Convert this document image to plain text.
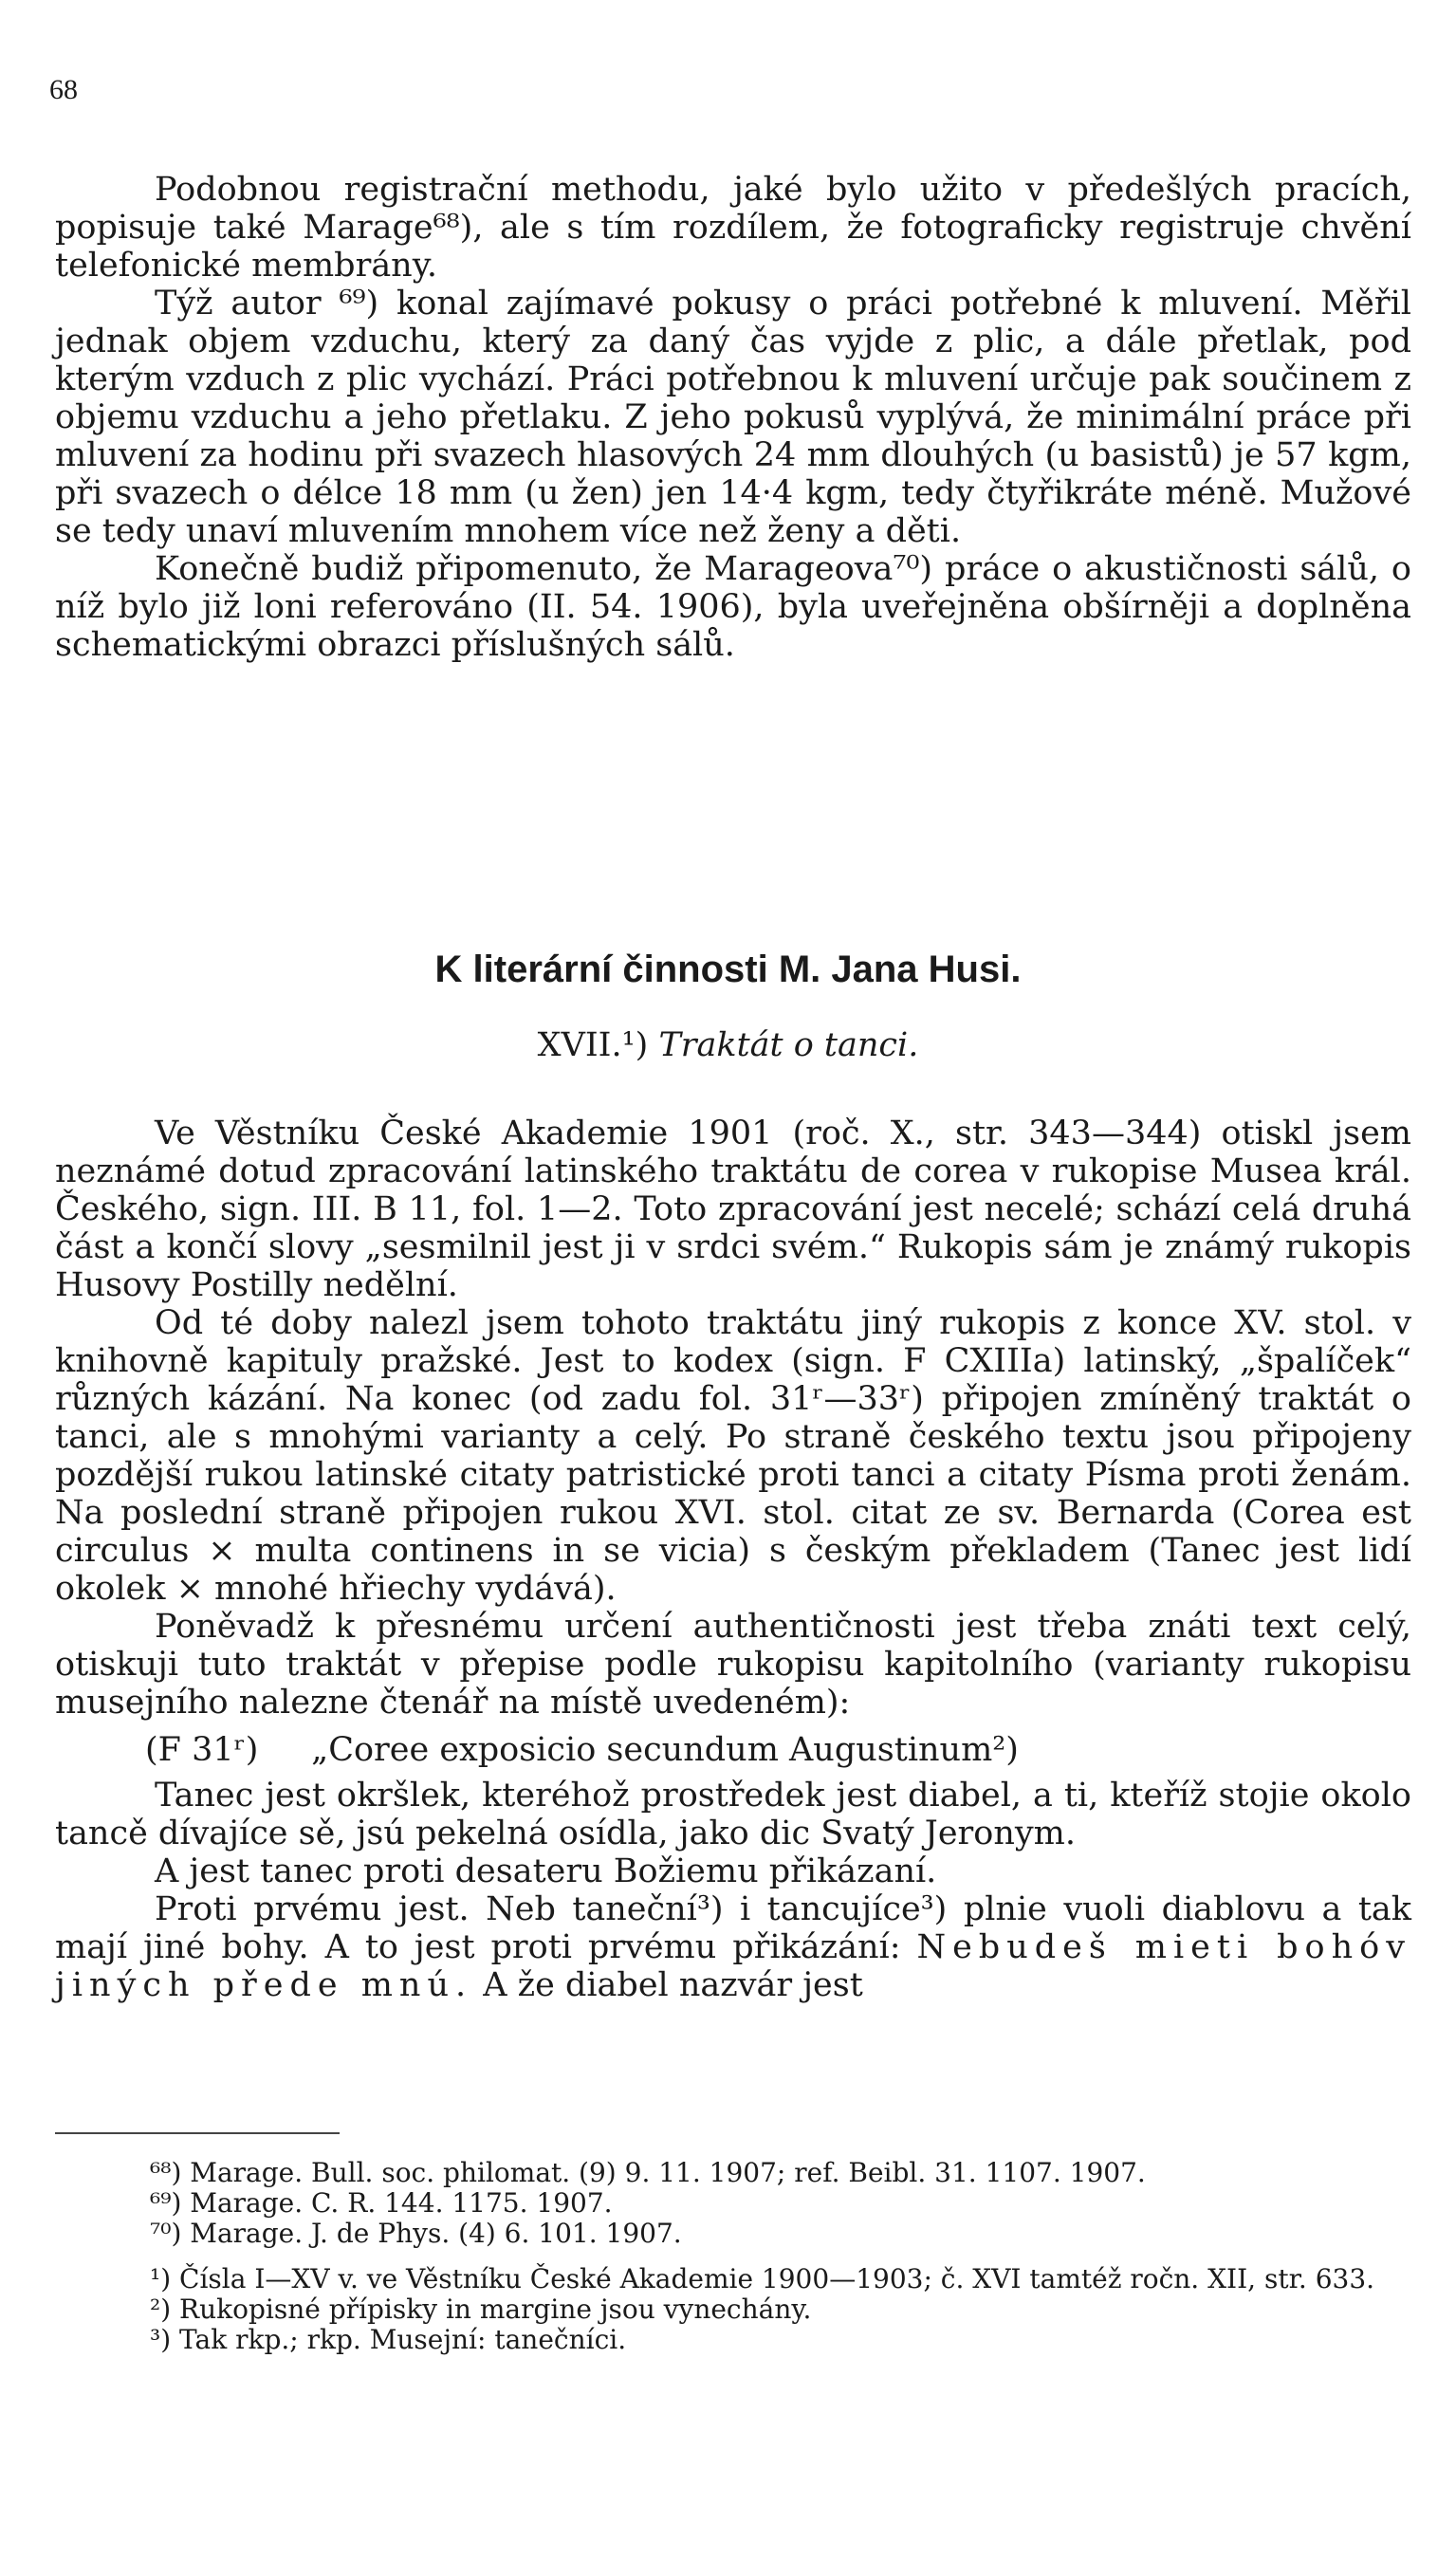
68

Podobnou registrační methodu, jaké bylo užito v předešlých pracích, popisuje také Marage⁶⁸), ale s tím rozdílem, že fotograficky registruje chvění telefonické membrány.

Týž autor ⁶⁹) konal zajímavé pokusy o práci potřebné k mluvení. Měřil jednak objem vzduchu, který za daný čas vyjde z plic, a dále přetlak, pod kterým vzduch z plic vychází. Práci potřebnou k mluvení určuje pak součinem z objemu vzduchu a jeho přetlaku. Z jeho pokusů vyplývá, že minimální práce při mluvení za hodinu při svazech hlasových 24 mm dlouhých (u basistů) je 57 kgm, při svazech o délce 18 mm (u žen) jen 14·4 kgm, tedy čtyřikráte méně. Mužové se tedy unaví mluvením mnohem více než ženy a děti.

Konečně budiž připomenuto, že Marageova⁷⁰) práce o akustičnosti sálů, o níž bylo již loni referováno (II. 54. 1906), byla uveřejněna obšírněji a doplněna schematickými obrazci příslušných sálů.

K literární činnosti M. Jana Husi.
XVII.¹) Traktát o tanci.

Ve Věstníku České Akademie 1901 (roč. X., str. 343—344) otiskl jsem neznámé dotud zpracování latinského traktátu de corea v rukopise Musea král. Českého, sign. III. B 11, fol. 1—2. Toto zpracování jest necelé; schází celá druhá část a končí slovy „sesmilnil jest ji v srdci svém.“ Rukopis sám je známý rukopis Husovy Postilly nedělní.

Od té doby nalezl jsem tohoto traktátu jiný rukopis z konce XV. stol. v knihovně kapituly pražské. Jest to kodex (sign. F CXIIIa) latinský, „špalíček“ různých kázání. Na konec (od zadu fol. 31ʳ—33ʳ) připojen zmíněný traktát o tanci, ale s mnohými varianty a celý. Po straně českého textu jsou připojeny pozdější rukou latinské citaty patristické proti tanci a citaty Písma proti ženám. Na poslední straně připojen rukou XVI. stol. citat ze sv. Bernarda (Corea est circulus × multa continens in se vicia) s českým překladem (Tanec jest lidí okolek × mnohé hřiechy vydává).

Poněvadž k přesnému určení authentičnosti jest třeba znáti text celý, otiskuji tuto traktát v přepise podle rukopisu kapitolního (varianty rukopisu musejního nalezne čtenář na místě uvedeném):

(F 31ʳ) „Coree exposicio secundum Augustinum²)

Tanec jest okršlek, kteréhož prostředek jest diabel, a ti, kteříž stojie okolo tancě dívajíce sě, jsú pekelná osídla, jako dic Svatý Jeronym.

A jest tanec proti desateru Božiemu přikázaní.

Proti prvému jest. Neb taneční³) i tancujíce³) plnie vuoli diablovu a tak mají jiné bohy. A to jest proti prvému přikázání: Nebudeš mieti bohóv jiných přede mnú. A že diabel nazvár jest

⁶⁸) Marage. Bull. soc. philomat. (9) 9. 11. 1907; ref. Beibl. 31. 1107. 1907.

⁶⁹) Marage. C. R. 144. 1175. 1907.

⁷⁰) Marage. J. de Phys. (4) 6. 101. 1907.

¹) Čísla I—XV v. ve Věstníku České Akademie 1900—1903; č. XVI tamtéž ročn. XII, str. 633.

²) Rukopisné přípisky in margine jsou vynechány.

³) Tak rkp.; rkp. Musejní: tanečníci.
